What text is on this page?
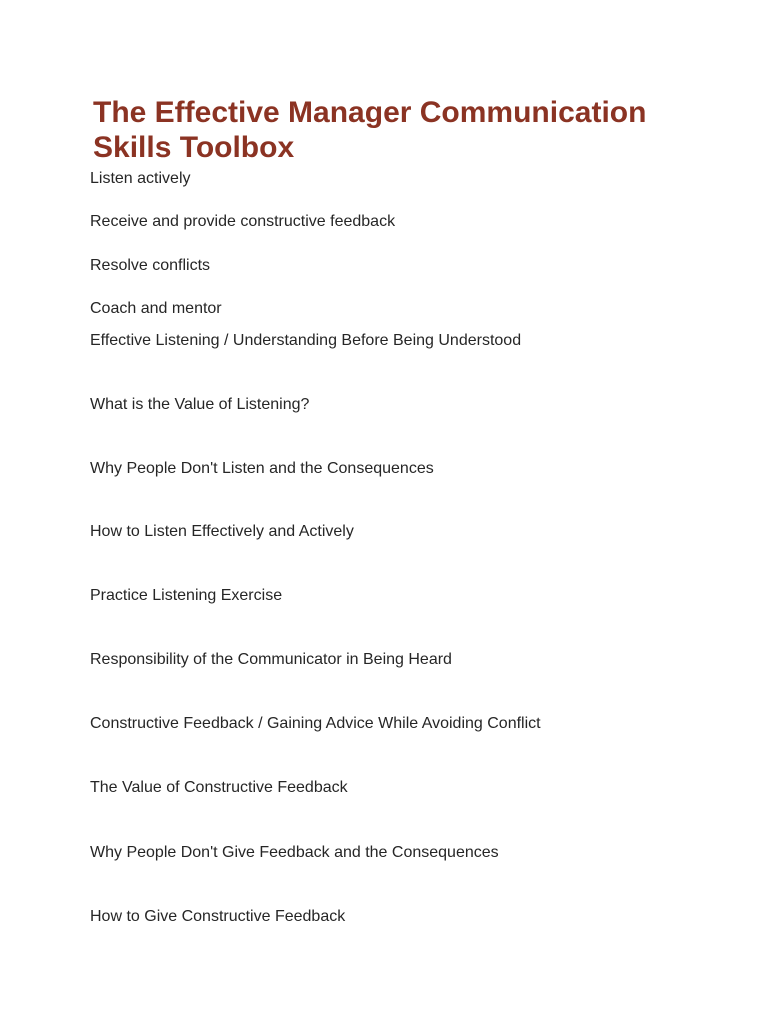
The Effective Manager Communication Skills Toolbox

Listen actively

Receive and provide constructive feedback

Resolve conflicts

Coach and mentor

Effective Listening / Understanding Before Being Understood

What is the Value of Listening?

Why People Don't Listen and the Consequences

How to Listen Effectively and Actively

Practice Listening Exercise

Responsibility of the Communicator in Being Heard

Constructive Feedback / Gaining Advice While Avoiding Conflict

The Value of Constructive Feedback

Why People Don't Give Feedback and the Consequences

How to Give Constructive Feedback
